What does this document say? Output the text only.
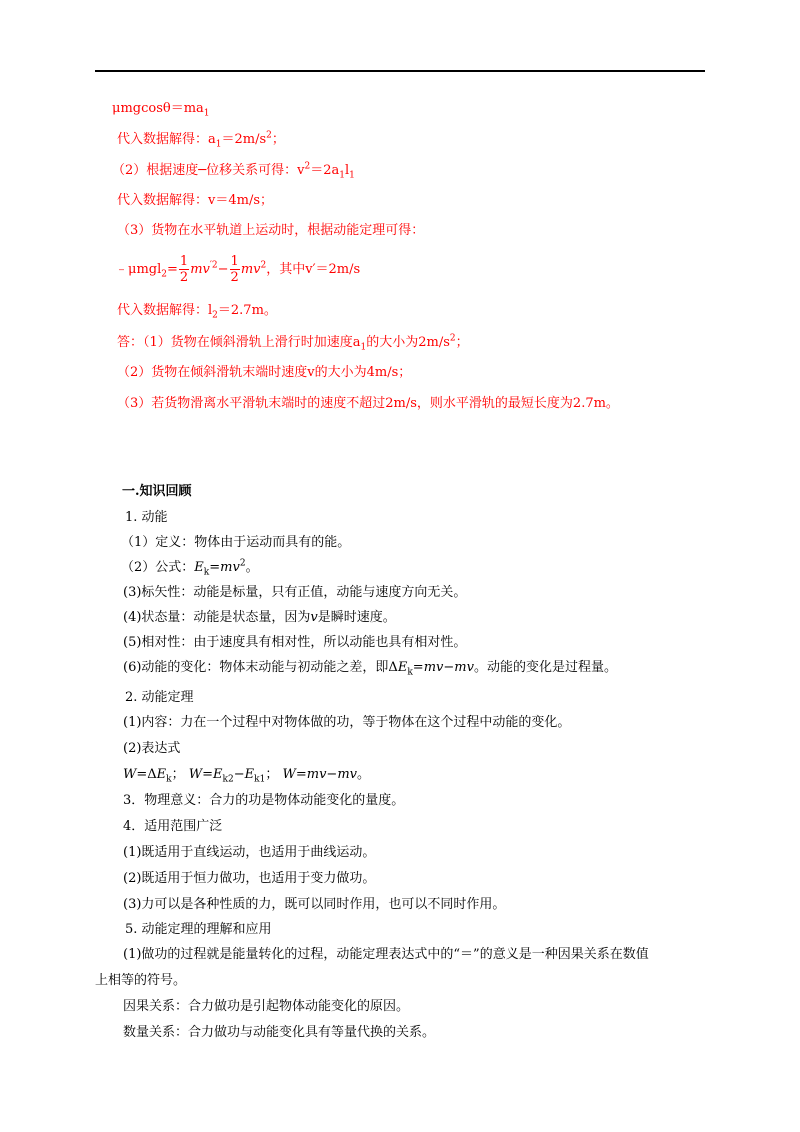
$\mu mgcos\theta=ma_1$
代入数据解得：$a_1=2m/s^2$；
（2）根据速度─位移关系可得：$v^2=2a_1l_1$
代入数据解得：v＝4m/s；
（3）货物在水平轨道上运动时，根据动能定理可得：
﹣μmgl$_2$= $\frac{1}{2} mv^{'2}- \frac{1}{2} mv^2$，其中v′＝2m/s
代入数据解得：$l_2=2.7m$。
答：（1）货物在倾斜滑轨上滑行时加速度$a_1$的大小为$2m/s^2$；
（2）货物在倾斜滑轨末端时速度v的大小为4m/s；
（3）若货物滑离水平滑轨末端时的速度不超过2m/s，则水平滑轨的最短长度为2.7m。
一.知识回顾
1. 动能
（1）定义：物体由于运动而具有的能。
（2）公式：$E_k=mv^2$。
(3)标矢性：动能是标量，只有正值，动能与速度方向无关。
(4)状态量：动能是状态量，因为v是瞬时速度。
(5)相对性：由于速度具有相对性，所以动能也具有相对性。
(6)动能的变化：物体末动能与初动能之差，即$\Delta E_k=mv-mv$。动能的变化是过程量。
2. 动能定理
(1)内容：力在一个过程中对物体做的功，等于物体在这个过程中动能的变化。
(2)表达式
$W=\Delta E_k$； $W=E_{k2}-E_{k1}$； W=mv−mv。
3．物理意义：合力的功是物体动能变化的量度。
4．适用范围广泛
(1)既适用于直线运动，也适用于曲线运动。
(2)既适用于恒力做功，也适用于变力做功。
(3)力可以是各种性质的力，既可以同时作用，也可以不同时作用。
5. 动能定理的理解和应用
(1)做功的过程就是能量转化的过程，动能定理表达式中的“＝”的意义是一种因果关系在数值
上相等的符号。
因果关系：合力做功是引起物体动能变化的原因。
数量关系：合力做功与动能变化具有等量代换的关系。
